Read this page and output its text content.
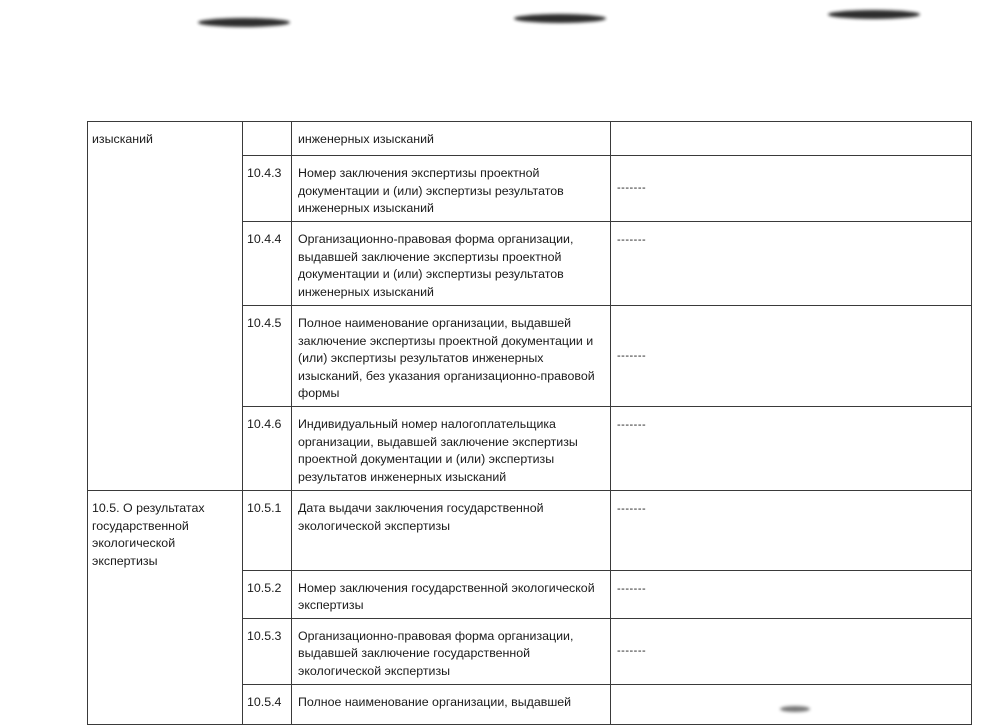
изысканий		инженерных изысканий	

	10.4.3	Номер заключения экспертизы проектной документации и (или) экспертизы результатов инженерных изысканий	-------

	10.4.4	Организационно-правовая форма организации, выдавшей заключение экспертизы проектной документации и (или) экспертизы результатов инженерных изысканий	-------

	10.4.5	Полное наименование организации, выдавшей заключение экспертизы проектной документации и (или) экспертизы результатов инженерных изысканий, без указания организационно-правовой формы	-------

	10.4.6	Индивидуальный номер налогоплательщика организации, выдавшей заключение экспертизы проектной документации и (или) экспертизы результатов инженерных изысканий	-------

10.5. О результатах государственной экологической экспертизы	10.5.1	Дата выдачи заключения государственной экологической экспертизы	-------

	10.5.2	Номер заключения государственной экологической экспертизы	-------

	10.5.3	Организационно-правовая форма организации, выдавшей заключение государственной экологической экспертизы	-------

	10.5.4	Полное наименование организации, выдавшей	
